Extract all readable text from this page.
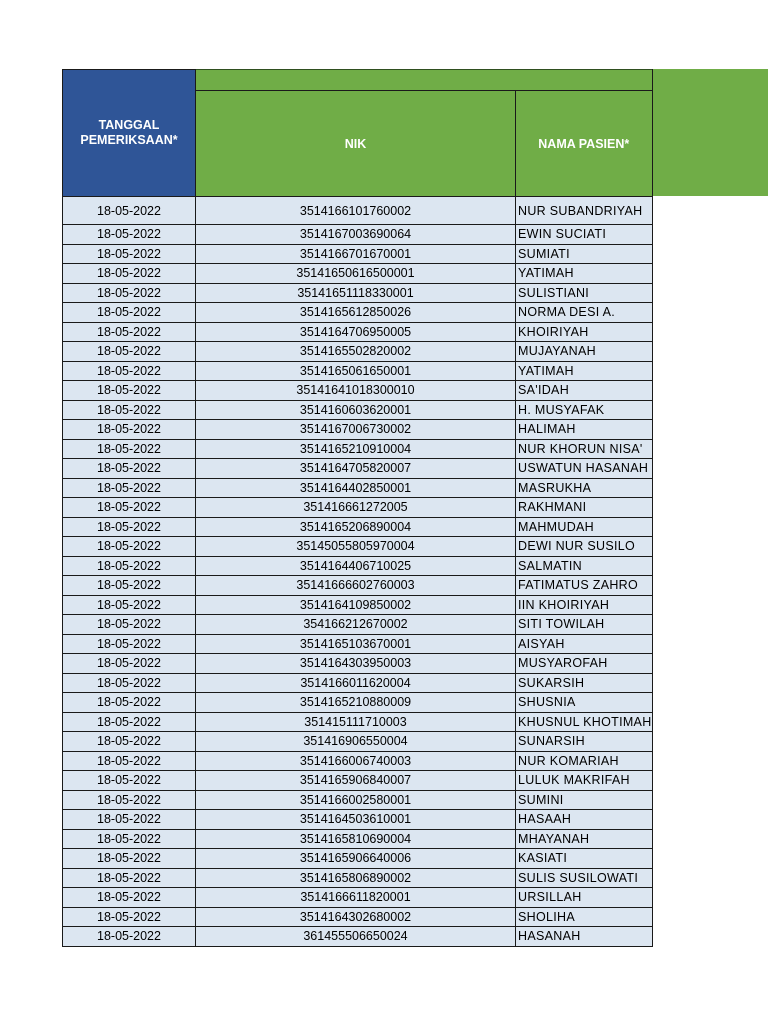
TANGGAL PEMERIKSAAN*		
	NIK	NAMA PASIEN*
18-05-2022	3514166101760002	NUR SUBANDRIYAH
18-05-2022	3514167003690064	EWIN SUCIATI
18-05-2022	3514166701670001	SUMIATI
18-05-2022	35141650616500001	YATIMAH
18-05-2022	35141651118330001	SULISTIANI
18-05-2022	3514165612850026	NORMA DESI A.
18-05-2022	3514164706950005	KHOIRIYAH
18-05-2022	3514165502820002	MUJAYANAH
18-05-2022	3514165061650001	YATIMAH
18-05-2022	35141641018300010	SA'IDAH
18-05-2022	3514160603620001	H. MUSYAFAK
18-05-2022	3514167006730002	HALIMAH
18-05-2022	3514165210910004	NUR KHORUN NISA'
18-05-2022	3514164705820007	USWATUN HASANAH
18-05-2022	3514164402850001	MASRUKHA
18-05-2022	351416661272005	RAKHMANI
18-05-2022	3514165206890004	MAHMUDAH
18-05-2022	35145055805970004	DEWI NUR SUSILO
18-05-2022	3514164406710025	SALMATIN
18-05-2022	35141666602760003	FATIMATUS ZAHRO
18-05-2022	3514164109850002	IIN KHOIRIYAH
18-05-2022	354166212670002	SITI TOWILAH
18-05-2022	3514165103670001	AISYAH
18-05-2022	3514164303950003	MUSYAROFAH
18-05-2022	3514166011620004	SUKARSIH
18-05-2022	3514165210880009	SHUSNIA
18-05-2022	351415111710003	KHUSNUL KHOTIMAH
18-05-2022	351416906550004	SUNARSIH
18-05-2022	3514166006740003	NUR KOMARIAH
18-05-2022	3514165906840007	LULUK MAKRIFAH
18-05-2022	3514166002580001	SUMINI
18-05-2022	3514164503610001	HASAAH
18-05-2022	3514165810690004	MHAYANAH
18-05-2022	3514165906640006	KASIATI
18-05-2022	3514165806890002	SULIS SUSILOWATI
18-05-2022	3514166611820001	URSILLAH
18-05-2022	3514164302680002	SHOLIHA
18-05-2022	361455506650024	HASANAH
